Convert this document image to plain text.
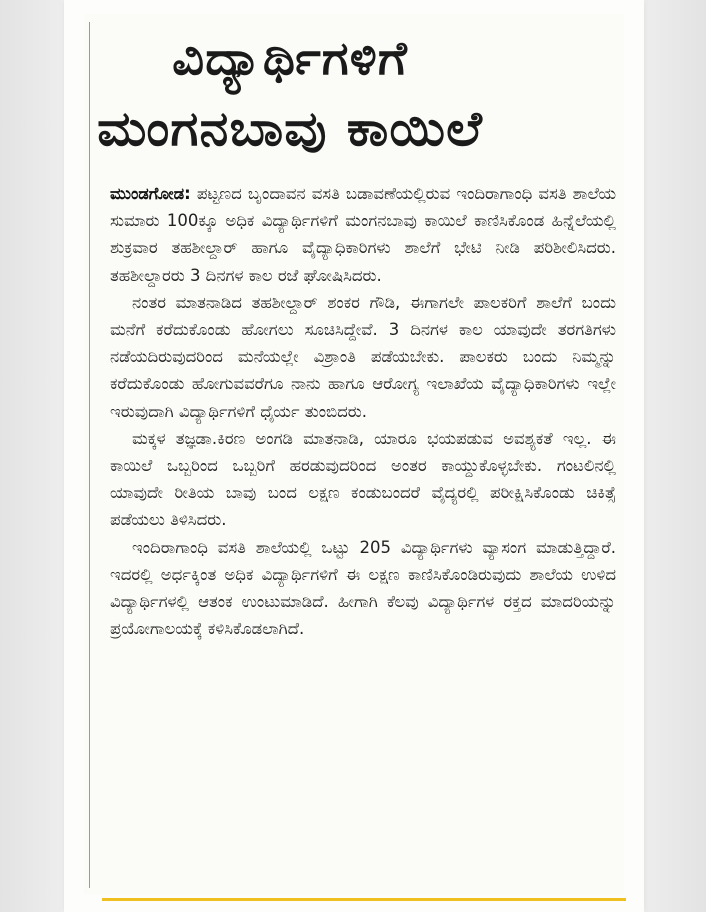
ವಿದ್ಯಾರ್ಥಿಗಳಿಗೆ
ಮಂಗನಬಾವು ಕಾಯಿಲೆ

ಮುಂಡಗೋಡ: ಪಟ್ಟಣದ ಬೃಂದಾವನ ವಸತಿ ಬಡಾವಣೆಯಲ್ಲಿರುವ ಇಂದಿರಾಗಾಂಧಿ ವಸತಿ ಶಾಲೆಯ ಸುಮಾರು 100ಕ್ಕೂ ಅಧಿಕ ವಿದ್ಯಾರ್ಥಿಗಳಿಗೆ ಮಂಗನಬಾವು ಕಾಯಿಲೆ ಕಾಣಿಸಿಕೊಂಡ ಹಿನ್ನೆಲೆಯಲ್ಲಿ ಶುಕ್ರವಾರ ತಹಶೀಲ್ದಾರ್ ಹಾಗೂ ವೈದ್ಯಾಧಿಕಾರಿಗಳು ಶಾಲೆಗೆ ಭೇಟಿ ನೀಡಿ ಪರಿಶೀಲಿಸಿದರು. ತಹಶೀಲ್ದಾರರು 3 ದಿನಗಳ ಕಾಲ ರಜೆ ಘೋಷಿಸಿದರು.

ನಂತರ ಮಾತನಾಡಿದ ತಹಶೀಲ್ದಾರ್ ಶಂಕರ ಗೌಡಿ, ಈಗಾಗಲೇ ಪಾಲಕರಿಗೆ ಶಾಲೆಗೆ ಬಂದು ಮನೆಗೆ ಕರೆದುಕೊಂಡು ಹೋಗಲು ಸೂಚಿಸಿದ್ದೇವೆ. 3 ದಿನಗಳ ಕಾಲ ಯಾವುದೇ ತರಗತಿಗಳು ನಡೆಯದಿರುವುದರಿಂದ ಮನೆಯಲ್ಲೇ ವಿಶ್ರಾಂತಿ ಪಡೆಯಬೇಕು. ಪಾಲಕರು ಬಂದು ನಿಮ್ಮನ್ನು ಕರೆದುಕೊಂಡು ಹೋಗುವವರೆಗೂ ನಾನು ಹಾಗೂ ಆರೋಗ್ಯ ಇಲಾಖೆಯ ವೈದ್ಯಾಧಿಕಾರಿಗಳು ಇಲ್ಲೇ ಇರುವುದಾಗಿ ವಿದ್ಯಾರ್ಥಿಗಳಿಗೆ ಧೈರ್ಯ ತುಂಬಿದರು.

ಮಕ್ಕಳ ತಜ್ಞಡಾ.ಕಿರಣ ಅಂಗಡಿ ಮಾತನಾಡಿ, ಯಾರೂ ಭಯಪಡುವ ಅವಶ್ಯಕತೆ ಇಲ್ಲ. ಈ ಕಾಯಿಲೆ ಒಬ್ಬರಿಂದ ಒಬ್ಬರಿಗೆ ಹರಡುವುದರಿಂದ ಅಂತರ ಕಾಯ್ದುಕೊಳ್ಳಬೇಕು. ಗಂಟಲಿನಲ್ಲಿ ಯಾವುದೇ ರೀತಿಯ ಬಾವು ಬಂದ ಲಕ್ಷಣ ಕಂಡುಬಂದರೆ ವೈದ್ಯರಲ್ಲಿ ಪರೀಕ್ಷಿಸಿಕೊಂಡು ಚಿಕಿತ್ಸೆ ಪಡೆಯಲು ತಿಳಿಸಿದರು.

ಇಂದಿರಾಗಾಂಧಿ ವಸತಿ ಶಾಲೆಯಲ್ಲಿ ಒಟ್ಟು 205 ವಿದ್ಯಾರ್ಥಿಗಳು ವ್ಯಾಸಂಗ ಮಾಡುತ್ತಿದ್ದಾರೆ. ಇದರಲ್ಲಿ ಅರ್ಧಕ್ಕಿಂತ ಅಧಿಕ ವಿದ್ಯಾರ್ಥಿಗಳಿಗೆ ಈ ಲಕ್ಷಣ ಕಾಣಿಸಿಕೊಂಡಿರುವುದು ಶಾಲೆಯ ಉಳಿದ ವಿದ್ಯಾರ್ಥಿಗಳಲ್ಲಿ ಆತಂಕ ಉಂಟುಮಾಡಿದೆ. ಹೀಗಾಗಿ ಕೆಲವು ವಿದ್ಯಾರ್ಥಿಗಳ ರಕ್ತದ ಮಾದರಿಯನ್ನು ಪ್ರಯೋಗಾಲಯಕ್ಕೆ ಕಳಿಸಿಕೊಡಲಾಗಿದೆ.
